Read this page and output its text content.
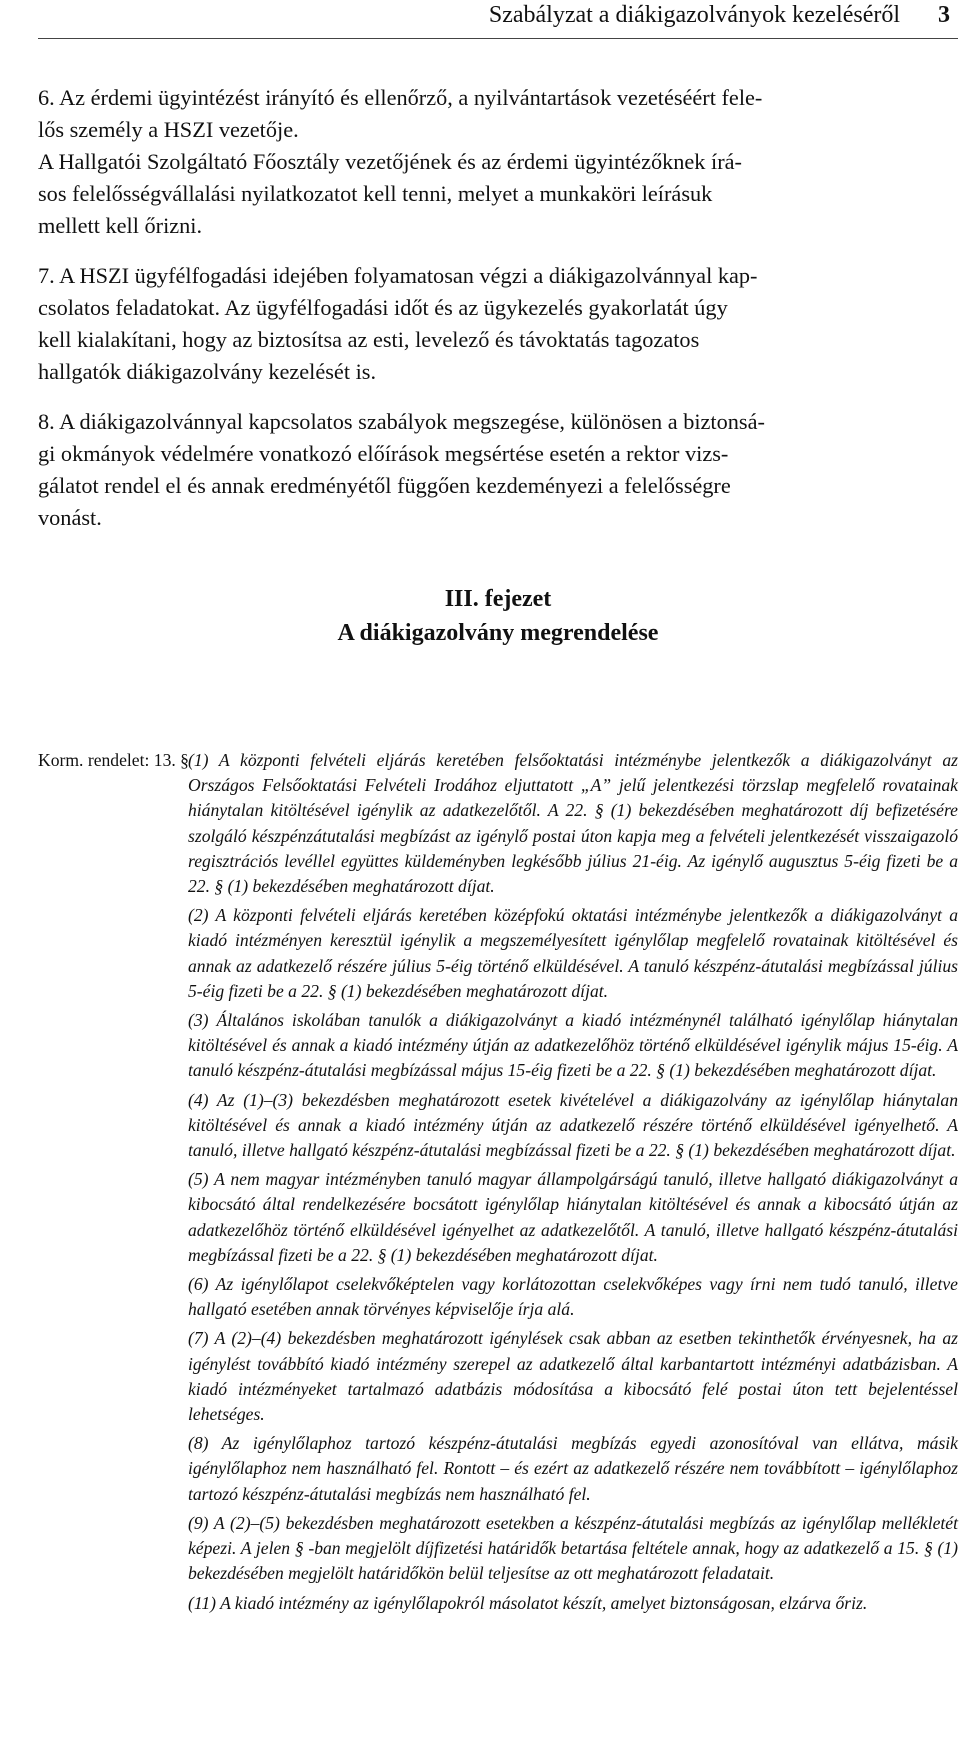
Szabályzat a diákigazolványok kezeléséről 3

6. Az érdemi ügyintézést irányító és ellenőrző, a nyilvántartások vezetéséért fele-

lős személy a HSZI vezetője.

A Hallgatói Szolgáltató Főosztály vezetőjének és az érdemi ügyintézőknek írá-

sos felelősségvállalási nyilatkozatot kell tenni, melyet a munkaköri leírásuk

mellett kell őrizni.

7. A HSZI ügyfélfogadási idejében folyamatosan végzi a diákigazolvánnyal kap-

csolatos feladatokat. Az ügyfélfogadási időt és az ügykezelés gyakorlatát úgy

kell kialakítani, hogy az biztosítsa az esti, levelező és távoktatás tagozatos

hallgatók diákigazolvány kezelését is.

8. A diákigazolvánnyal kapcsolatos szabályok megszegése, különösen a biztonsá-

gi okmányok védelmére vonatkozó előírások megsértése esetén a rektor vizs-

gálatot rendel el és annak eredményétől függően kezdeményezi a felelősségre

vonást.

III. fejezet
A diákigazolvány megrendelése
Korm. rendelet: 13. § (1) A központi felvételi eljárás keretében felsőoktatási intézménybe jelentkezők a diákigazolványt az Országos Felsőoktatási Felvételi Irodához eljuttatott „A” jelű jelentkezési törzslap megfelelő rovatainak hiánytalan kitöltésével igénylik az adatkezelőtől. A 22. § (1) bekezdésében meghatározott díj befizetésére szolgáló készpénzátutalási megbízást az igénylő postai úton kapja meg a felvételi jelentkezését visszaigazoló regisztrációs levéllel együttes küldeményben legkésőbb július 21-éig. Az igénylő augusztus 5-éig fizeti be a 22. § (1) bekezdésében meghatározott díjat.
(2) A központi felvételi eljárás keretében középfokú oktatási intézménybe jelentkezők a diákigazolványt a kiadó intézményen keresztül igénylik a megszemélyesített igénylőlap megfelelő rovatainak kitöltésével és annak az adatkezelő részére július 5-éig történő elküldésével. A tanuló készpénz-átutalási megbízással július 5-éig fizeti be a 22. § (1) bekezdésében meghatározott díjat.
(3) Általános iskolában tanulók a diákigazolványt a kiadó intézménynél található igénylőlap hiánytalan kitöltésével és annak a kiadó intézmény útján az adatkezelőhöz történő elküldésével igénylik május 15-éig. A tanuló készpénz-átutalási megbízással május 15-éig fizeti be a 22. § (1) bekezdésében meghatározott díjat.
(4) Az (1)–(3) bekezdésben meghatározott esetek kivételével a diákigazolvány az igénylőlap hiánytalan kitöltésével és annak a kiadó intézmény útján az adatkezelő részére történő elküldésével igényelhető. A tanuló, illetve hallgató készpénz-átutalási megbízással fizeti be a 22. § (1) bekezdésében meghatározott díjat.
(5) A nem magyar intézményben tanuló magyar állampolgárságú tanuló, illetve hallgató diákigazolványt a kibocsátó által rendelkezésére bocsátott igénylőlap hiánytalan kitöltésével és annak a kibocsátó útján az adatkezelőhöz történő elküldésével igényelhet az adatkezelőtől. A tanuló, illetve hallgató készpénz-átutalási megbízással fizeti be a 22. § (1) bekezdésében meghatározott díjat.
(6) Az igénylőlapot cselekvőképtelen vagy korlátozottan cselekvőképes vagy írni nem tudó tanuló, illetve hallgató esetében annak törvényes képviselője írja alá.
(7) A (2)–(4) bekezdésben meghatározott igénylések csak abban az esetben tekinthetők érvényesnek, ha az igénylést továbbító kiadó intézmény szerepel az adatkezelő által karbantartott intézményi adatbázisban. A kiadó intézményeket tartalmazó adatbázis módosítása a kibocsátó felé postai úton tett bejelentéssel lehetséges.
(8) Az igénylőlaphoz tartozó készpénz-átutalási megbízás egyedi azonosítóval van ellátva, másik igénylőlaphoz nem használható fel. Rontott – és ezért az adatkezelő részére nem továbbított – igénylőlaphoz tartozó készpénz-átutalási megbízás nem használható fel.
(9) A (2)–(5) bekezdésben meghatározott esetekben a készpénz-átutalási megbízás az igénylőlap mellékletét képezi. A jelen § -ban megjelölt díjfizetési határidők betartása feltétele annak, hogy az adatkezelő a 15. § (1) bekezdésében megjelölt határidőkön belül teljesítse az ott meghatározott feladatait.
(11) A kiadó intézmény az igénylőlapokról másolatot készít, amelyet biztonságosan, elzárva őriz.
